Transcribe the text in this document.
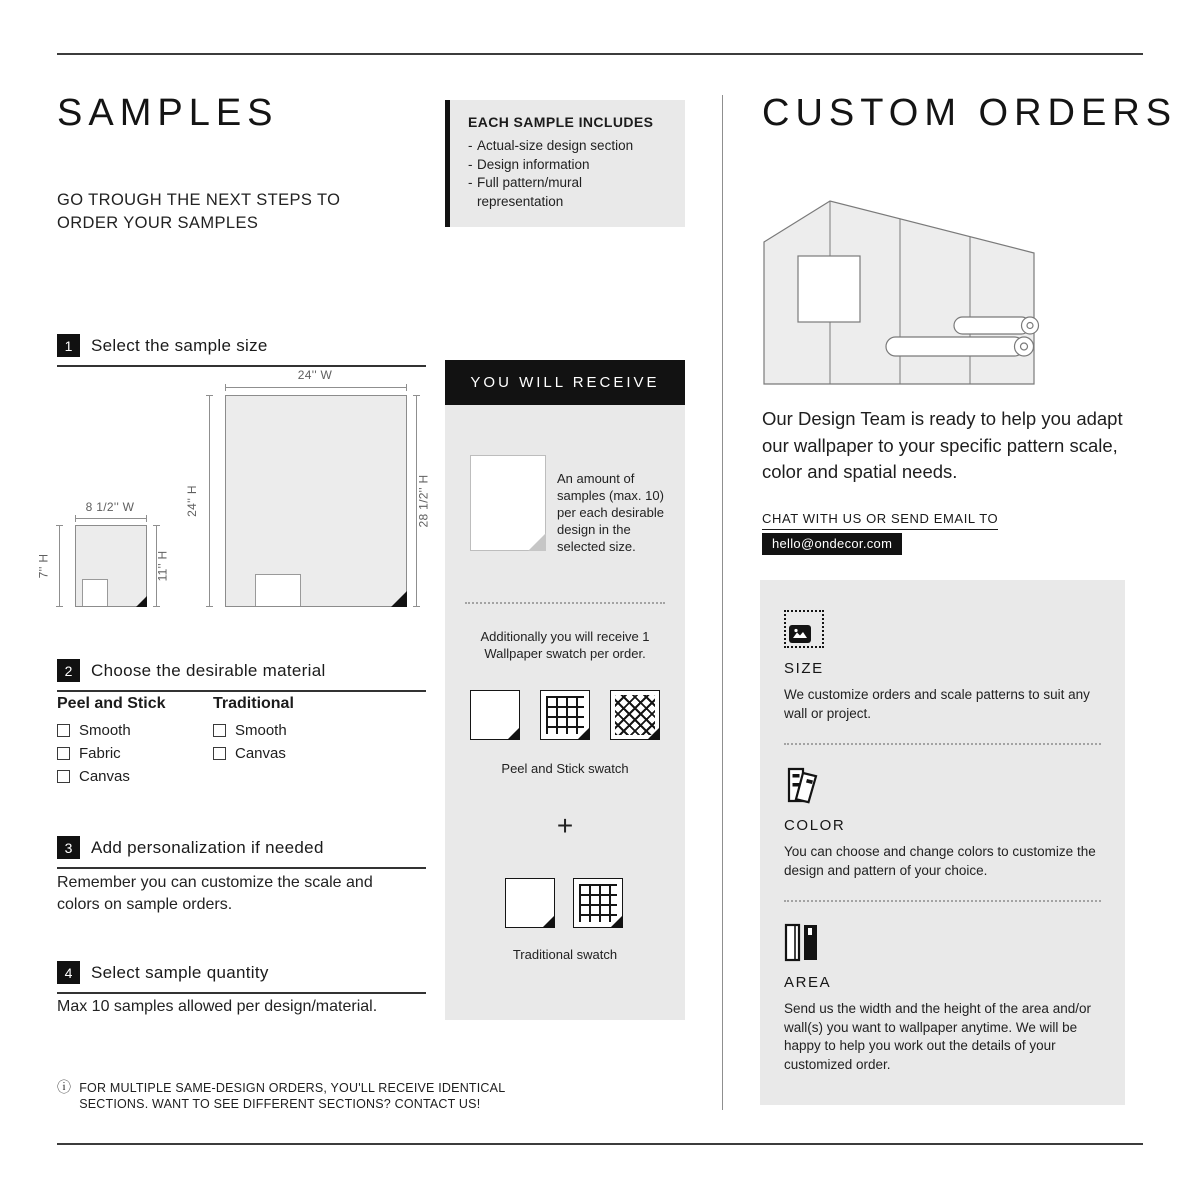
SAMPLES
GO TROUGH THE NEXT STEPS TO ORDER YOUR SAMPLES
EACH SAMPLE INCLUDES
- Actual-size design section
- Design information
- Full pattern/mural representation
1	Select the sample size
24'' W
24'' H	28 1/2'' H
8 1/2'' W
7'' H	11'' H
2	Choose the desirable material
Peel and Stick
Smooth
Fabric
Canvas
Traditional
Smooth
Canvas
3	Add personalization if needed
Remember you can customize the scale and colors on sample orders.
4	Select sample quantity
Max 10 samples allowed per design/material.
ⓘ FOR MULTIPLE SAME-DESIGN ORDERS, YOU'LL RECEIVE IDENTICAL SECTIONS. WANT TO SEE DIFFERENT SECTIONS? CONTACT US!
YOU WILL RECEIVE
An amount of samples (max. 10) per each desirable design in the selected size.
Additionally you will receive 1 Wallpaper swatch per order.
Peel and Stick swatch
+
Traditional swatch
CUSTOM ORDERS

Our Design Team is ready to help you adapt our wallpaper to your specific pattern scale, color and spatial needs.

CHAT WITH US OR SEND EMAIL TO
hello@ondecor.com
SIZE

We customize orders and scale patterns to suit any wall or project.

COLOR

You can choose and change colors to customize the design and pattern of your choice.

AREA

Send us the width and the height of the area and/or wall(s) you want to wallpaper anytime. We will be happy to help you work out the details of your customized order.
